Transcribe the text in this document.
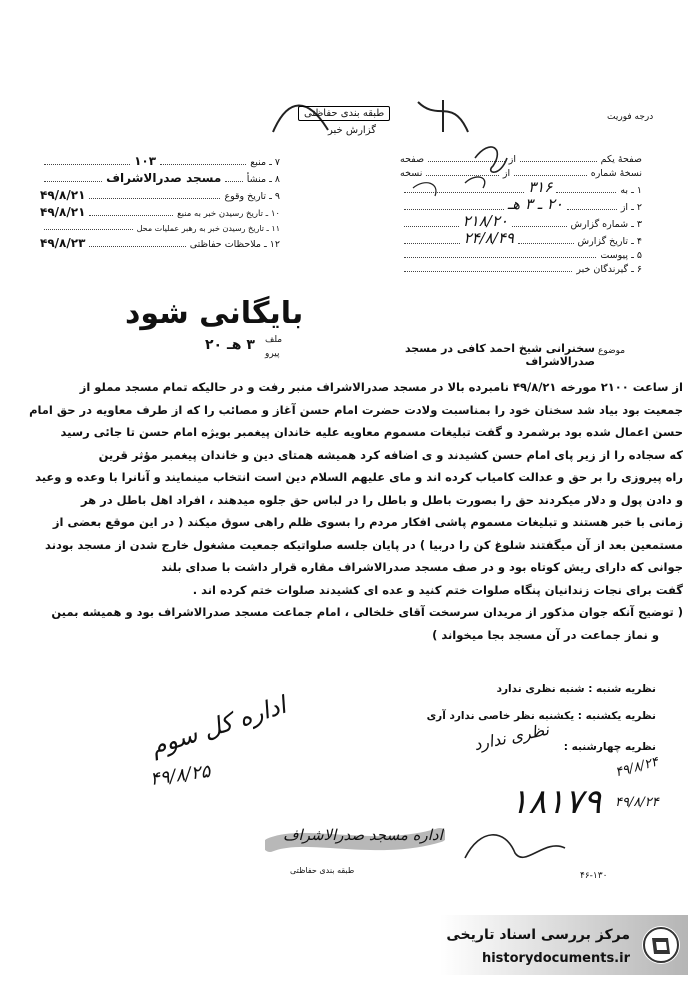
درجه فوریت
طبقه بندی حفاظتی
گزارش خبر
صفحهٔ یکم
از
صفحه
نسخهٔ شماره
از
نسخه
۱ ـ به
۳۱۶
۲ ـ از
۲۰ ـ ۳ هـ
۳ ـ شماره گزارش
۲۱۸/۲۰
۴ ـ تاریخ گزارش
۲۴/۸/۴۹
۵ ـ پیوست
۶ ـ گیرندگان خبر
۷ ـ منبع
۱۰۳
۸ ـ منشأ
مسجد صدرالاشراف
۹ ـ تاریخ وقوع
۴۹/۸/۲۱
۱۰ ـ تاریخ رسیدن خبر به منبع
۴۹/۸/۲۱
۱۱ ـ تاریخ رسیدن خبر به رهبر عملیات محل
۱۲ ـ ملاحظات حفاظتی
۴۹/۸/۲۳
بایگانی شود
ملف
۳ هـ ۲۰
پیرو	موضوع
سخنرانی شیخ احمد کافی در مسجد صدرالاشراف
از ساعت ۲۱۰۰ مورخه ۴۹/۸/۲۱ نامبرده بالا در مسجد صدرالاشراف منبر رفت و در حالیکه تمام مسجد مملو از
جمعیت بود بیاد شد سخنان خود را بمناسبت ولادت حضرت امام حسن آغاز و مصائب را که از طرف معاویه در حق امام
حسن اعمال شده بود برشمرد و گفت تبلیغات مسموم معاویه علیه خاندان پیغمبر بویژه امام حسن تا جائی رسید
که سجاده را از زیر پای امام حسن کشیدند و ی اضافه کرد همیشه همتای دین و خاندان پیغمبر مؤثر قرین
راه پیروزی را بر حق و عدالت کامیاب کرده اند و مای علیهم السلام دین است انتخاب مینمایند و آنانرا با وعده و وعید
و دادن پول و دلار میکردند حق را بصورت باطل و باطل را در لباس حق جلوه میدهند ، افراد اهل باطل در هر
زمانی با خبر هستند و تبلیغات مسموم پاشی افکار مردم را بسوی ظلم راهی سوق میکند ( در این موقع بعضی از
مستمعین بعد از آن میگفتند شلوغ کن را دربیا ) در پایان جلسه صلواتیکه جمعیت مشغول خارج شدن از مسجد بودند
جوانی که دارای ریش کوتاه بود و در صف مسجد صدرالاشراف مقاره قرار داشت با صدای بلند
گفت برای نجات زندانیان پنگاه صلوات ختم کنید و عده ای کشیدند صلوات ختم کرده اند .
( توضیح آنکه جوان مذکور از مریدان سرسخت آقای خلخالی ، امام جماعت مسجد صدرالاشراف بود و همیشه بمین
و نماز جماعت در آن مسجد بجا میخواند )
نظریه شنبه : شنبه نظری ندارد
نظریه یکشنبه : یکشنبه نظر خاصی ندارد آری
نظریه چهارشنبه :
نظری ندارد
اداره کل سوم
۴۹/۸/۲۵	۴۹/۸/۲۴
۱۸۱۷۹ ۴۹/۸/۲۴
اداره مسجد صدرالاشراف
طبقه بندی حفاظتی
۴۶-۱۳۰
مرکز بررسی اسناد تاریخی
historydocuments.ir
